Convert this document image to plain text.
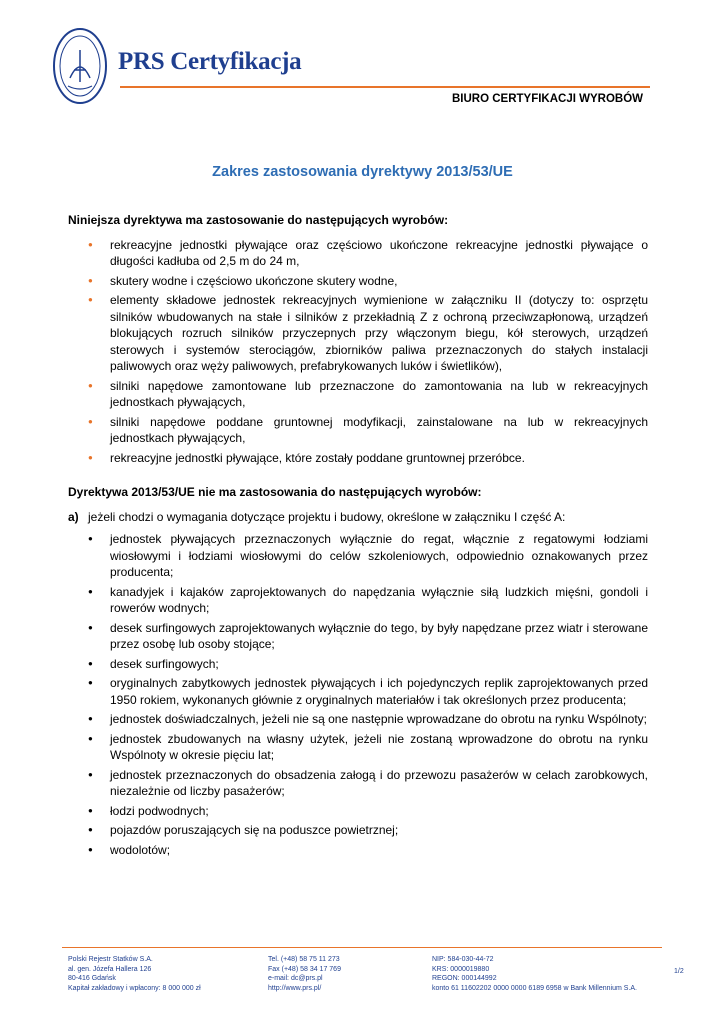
PRS Certyfikacja
BIURO CERTYFIKACJI WYROBÓW
Zakres zastosowania dyrektywy 2013/53/UE

Niniejsza dyrektywa ma zastosowanie do następujących wyrobów:

● rekreacyjne jednostki pływające oraz częściowo ukończone rekreacyjne jednostki pływające o długości kadłuba od 2,5 m do 24 m,
● skutery wodne i częściowo ukończone skutery wodne,
● elementy składowe jednostek rekreacyjnych wymienione w załączniku II (dotyczy to: osprzętu silników wbudowanych na stałe i silników z przekładnią Z z ochroną przeciwzapłonową, urządzeń blokujących rozruch silników przyczepnych przy włączonym biegu, kół sterowych, urządzeń sterowych i systemów sterociągów, zbiorników paliwa przeznaczonych do stałych instalacji paliwowych oraz węży paliwowych, prefabrykowanych luków i świetlików),
● silniki napędowe zamontowane lub przeznaczone do zamontowania na lub w rekreacyjnych jednostkach pływających,
● silniki napędowe poddane gruntownej modyfikacji, zainstalowane na lub w rekreacyjnych jednostkach pływających,
● rekreacyjne jednostki pływające, które zostały poddane gruntownej przeróbce.

Dyrektywa 2013/53/UE nie ma zastosowania do następujących wyrobów:

a) jeżeli chodzi o wymagania dotyczące projektu i budowy, określone w załączniku I część A:
● jednostek pływających przeznaczonych wyłącznie do regat, włącznie z regatowymi łodziami wiosłowymi i łodziami wiosłowymi do celów szkoleniowych, odpowiednio oznakowanych przez producenta;
● kanadyjek i kajaków zaprojektowanych do napędzania wyłącznie siłą ludzkich mięśni, gondoli i rowerów wodnych;
● desek surfingowych zaprojektowanych wyłącznie do tego, by były napędzane przez wiatr i sterowane przez osobę lub osoby stojące;
● desek surfingowych;
● oryginalnych zabytkowych jednostek pływających i ich pojedynczych replik zaprojektowanych przed 1950 rokiem, wykonanych głównie z oryginalnych materiałów i tak określonych przez producenta;
● jednostek doświadczalnych, jeżeli nie są one następnie wprowadzane do obrotu na rynku Wspólnoty;
● jednostek zbudowanych na własny użytek, jeżeli nie zostaną wprowadzone do obrotu na rynku Wspólnoty w okresie pięciu lat;
● jednostek przeznaczonych do obsadzenia załogą i do przewozu pasażerów w celach zarobkowych, niezależnie od liczby pasażerów;
● łodzi podwodnych;
● pojazdów poruszających się na poduszce powietrznej;
● wodolotów;
Polski Rejestr Statków S.A.
al. gen. Józefa Hallera 126
80-416 Gdańsk
Kapitał zakładowy i wpłacony: 8 000 000 zł
Tel. (+48) 58 75 11 273
Fax (+48) 58 34 17 769
e-mail: dc@prs.pl
http://www.prs.pl/
NIP: 584-030-44-72
KRS: 0000019880
REGON: 000144992
konto 61 11602202 0000 0000 6189 6958 w Bank Millennium S.A.
1/2
